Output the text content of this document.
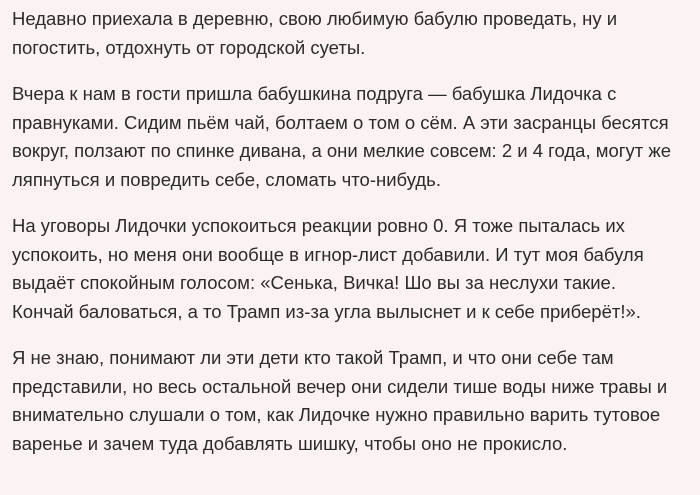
Недавно приехала в деревню, свою любимую бабулю проведать, ну и погостить, отдохнуть от городской суеты.

Вчера к нам в гости пришла бабушкина подруга — бабушка Лидочка с правнуками. Сидим пьём чай, болтаем о том о сём. А эти засранцы бесятся вокруг, ползают по спинке дивана, а они мелкие совсем: 2 и 4 года, могут же ляпнуться и повредить себе, сломать что-нибудь.

На уговоры Лидочки успокоиться реакции ровно 0. Я тоже пыталась их успокоить, но меня они вообще в игнор-лист добавили. И тут моя бабуля выдаёт спокойным голосом: «Сенька, Вичка! Шо вы за неслухи такие. Кончай баловаться, а то Трамп из-за угла вылыснет и к себе приберёт!».

Я не знаю, понимают ли эти дети кто такой Трамп, и что они себе там представили, но весь остальной вечер они сидели тише воды ниже травы и внимательно слушали о том, как Лидочке нужно правильно варить тутовое варенье и зачем туда добавлять шишку, чтобы оно не прокисло.
